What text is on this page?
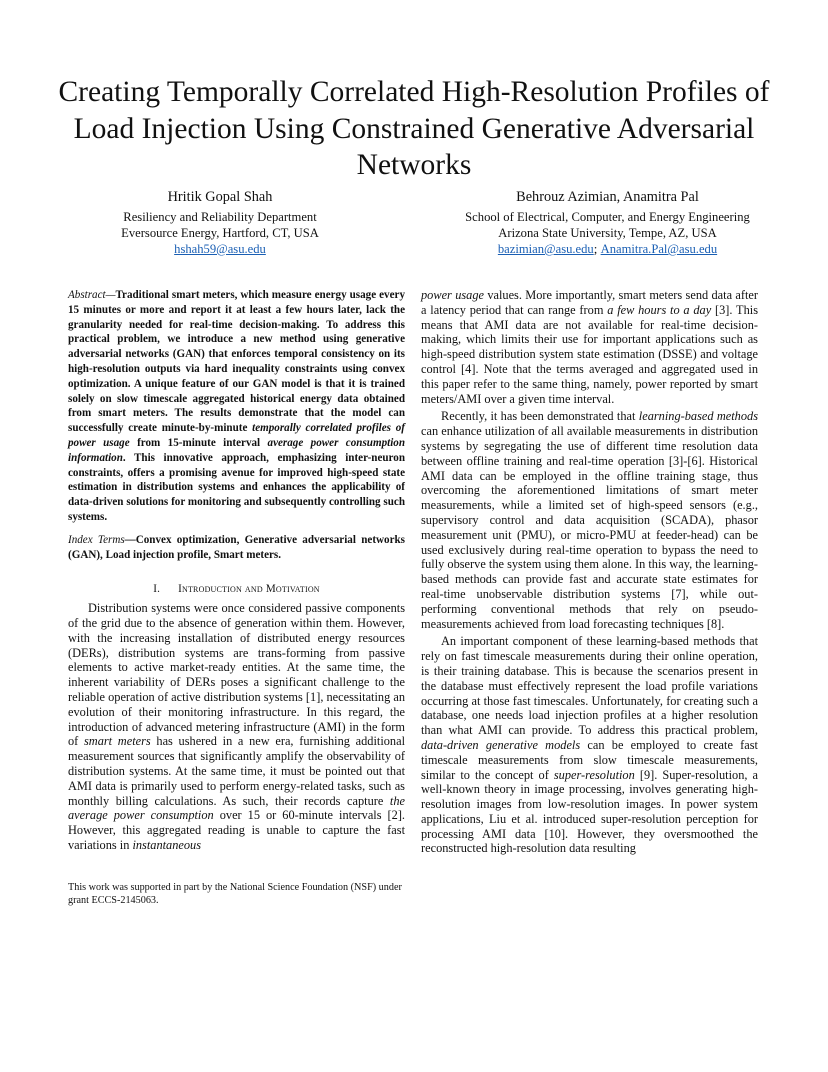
Creating Temporally Correlated High-Resolution Profiles of Load Injection Using Constrained Generative Adversarial Networks
Hritik Gopal Shah
Resiliency and Reliability Department
Eversource Energy, Hartford, CT, USA
hshah59@asu.edu
Behrouz Azimian, Anamitra Pal
School of Electrical, Computer, and Energy Engineering
Arizona State University, Tempe, AZ, USA
bazimian@asu.edu; Anamitra.Pal@asu.edu
Abstract—Traditional smart meters, which measure energy usage every 15 minutes or more and report it at least a few hours later, lack the granularity needed for real-time decision-making. To address this practical problem, we introduce a new method using generative adversarial networks (GAN) that enforces temporal consistency on its high-resolution outputs via hard inequality constraints using convex optimization. A unique feature of our GAN model is that it is trained solely on slow timescale aggregated historical energy data obtained from smart meters. The results demonstrate that the model can successfully create minute-by-minute temporally correlated profiles of power usage from 15-minute interval average power consumption information. This innovative approach, emphasizing inter-neuron constraints, offers a promising avenue for improved high-speed state estimation in distribution systems and enhances the applicability of data-driven solutions for monitoring and subsequently controlling such systems.
Index Terms—Convex optimization, Generative adversarial networks (GAN), Load injection profile, Smart meters.
I. Introduction and Motivation
Distribution systems were once considered passive components of the grid due to the absence of generation within them. However, with the increasing installation of distributed energy resources (DERs), distribution systems are trans-forming from passive elements to active market-ready entities. At the same time, the inherent variability of DERs poses a significant challenge to the reliable operation of active distribution systems [1], necessitating an evolution of their monitoring infrastructure. In this regard, the introduction of advanced metering infrastructure (AMI) in the form of smart meters has ushered in a new era, furnishing additional measurement sources that significantly amplify the observability of distribution systems. At the same time, it must be pointed out that AMI data is primarily used to perform energy-related tasks, such as monthly billing calculations. As such, their records capture the average power consumption over 15 or 60-minute intervals [2]. However, this aggregated reading is unable to capture the fast variations in instantaneous
This work was supported in part by the National Science Foundation (NSF) under grant ECCS-2145063.
power usage values. More importantly, smart meters send data after a latency period that can range from a few hours to a day [3]. This means that AMI data are not available for real-time decision-making, which limits their use for important applications such as high-speed distribution system state estimation (DSSE) and voltage control [4]. Note that the terms averaged and aggregated used in this paper refer to the same thing, namely, power reported by smart meters/AMI over a given time interval.
Recently, it has been demonstrated that learning-based methods can enhance utilization of all available measurements in distribution systems by segregating the use of different time resolution data between offline training and real-time operation [3]-[6]. Historical AMI data can be employed in the offline training stage, thus overcoming the aforementioned limitations of smart meter measurements, while a limited set of high-speed sensors (e.g., supervisory control and data acquisition (SCADA), phasor measurement unit (PMU), or micro-PMU at feeder-head) can be used exclusively during real-time operation to bypass the need to fully observe the system using them alone. In this way, the learning-based methods can provide fast and accurate state estimates for real-time unobservable distribution systems [7], while out-performing conventional methods that rely on pseudo-measurements achieved from load forecasting techniques [8].
An important component of these learning-based methods that rely on fast timescale measurements during their online operation, is their training database. This is because the scenarios present in the database must effectively represent the load profile variations occurring at those fast timescales. Unfortunately, for creating such a database, one needs load injection profiles at a higher resolution than what AMI can provide. To address this practical problem, data-driven generative models can be employed to create fast timescale measurements from slow timescale measurements, similar to the concept of super-resolution [9]. Super-resolution, a well-known theory in image processing, involves generating high-resolution images from low-resolution images. In power system applications, Liu et al. introduced super-resolution perception for processing AMI data [10]. However, they oversmoothed the reconstructed high-resolution data resulting
